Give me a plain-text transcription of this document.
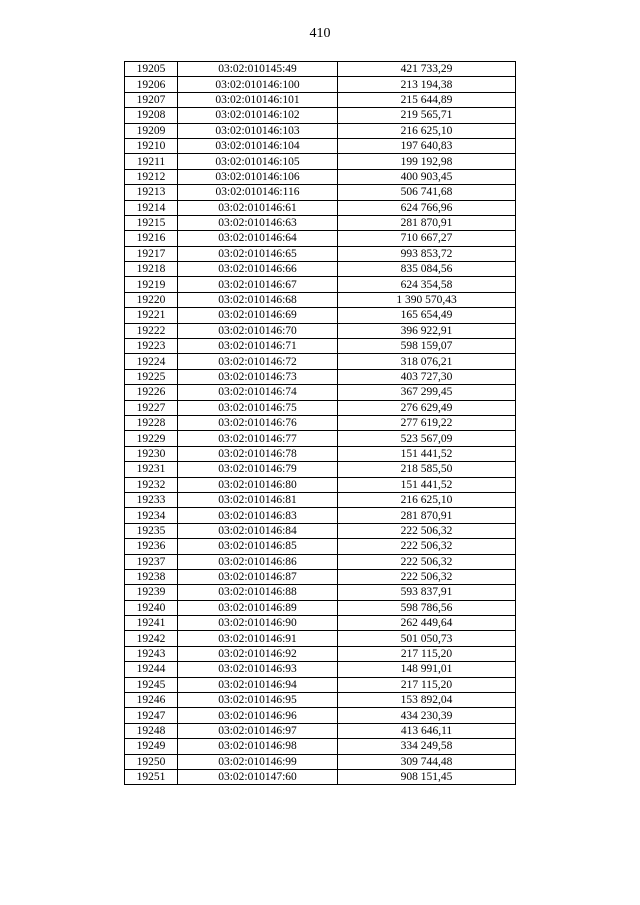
410
19205	03:02:010145:49	421 733,29
19206	03:02:010146:100	213 194,38
19207	03:02:010146:101	215 644,89
19208	03:02:010146:102	219 565,71
19209	03:02:010146:103	216 625,10
19210	03:02:010146:104	197 640,83
19211	03:02:010146:105	199 192,98
19212	03:02:010146:106	400 903,45
19213	03:02:010146:116	506 741,68
19214	03:02:010146:61	624 766,96
19215	03:02:010146:63	281 870,91
19216	03:02:010146:64	710 667,27
19217	03:02:010146:65	993 853,72
19218	03:02:010146:66	835 084,56
19219	03:02:010146:67	624 354,58
19220	03:02:010146:68	1 390 570,43
19221	03:02:010146:69	165 654,49
19222	03:02:010146:70	396 922,91
19223	03:02:010146:71	598 159,07
19224	03:02:010146:72	318 076,21
19225	03:02:010146:73	403 727,30
19226	03:02:010146:74	367 299,45
19227	03:02:010146:75	276 629,49
19228	03:02:010146:76	277 619,22
19229	03:02:010146:77	523 567,09
19230	03:02:010146:78	151 441,52
19231	03:02:010146:79	218 585,50
19232	03:02:010146:80	151 441,52
19233	03:02:010146:81	216 625,10
19234	03:02:010146:83	281 870,91
19235	03:02:010146:84	222 506,32
19236	03:02:010146:85	222 506,32
19237	03:02:010146:86	222 506,32
19238	03:02:010146:87	222 506,32
19239	03:02:010146:88	593 837,91
19240	03:02:010146:89	598 786,56
19241	03:02:010146:90	262 449,64
19242	03:02:010146:91	501 050,73
19243	03:02:010146:92	217 115,20
19244	03:02:010146:93	148 991,01
19245	03:02:010146:94	217 115,20
19246	03:02:010146:95	153 892,04
19247	03:02:010146:96	434 230,39
19248	03:02:010146:97	413 646,11
19249	03:02:010146:98	334 249,58
19250	03:02:010146:99	309 744,48
19251	03:02:010147:60	908 151,45
